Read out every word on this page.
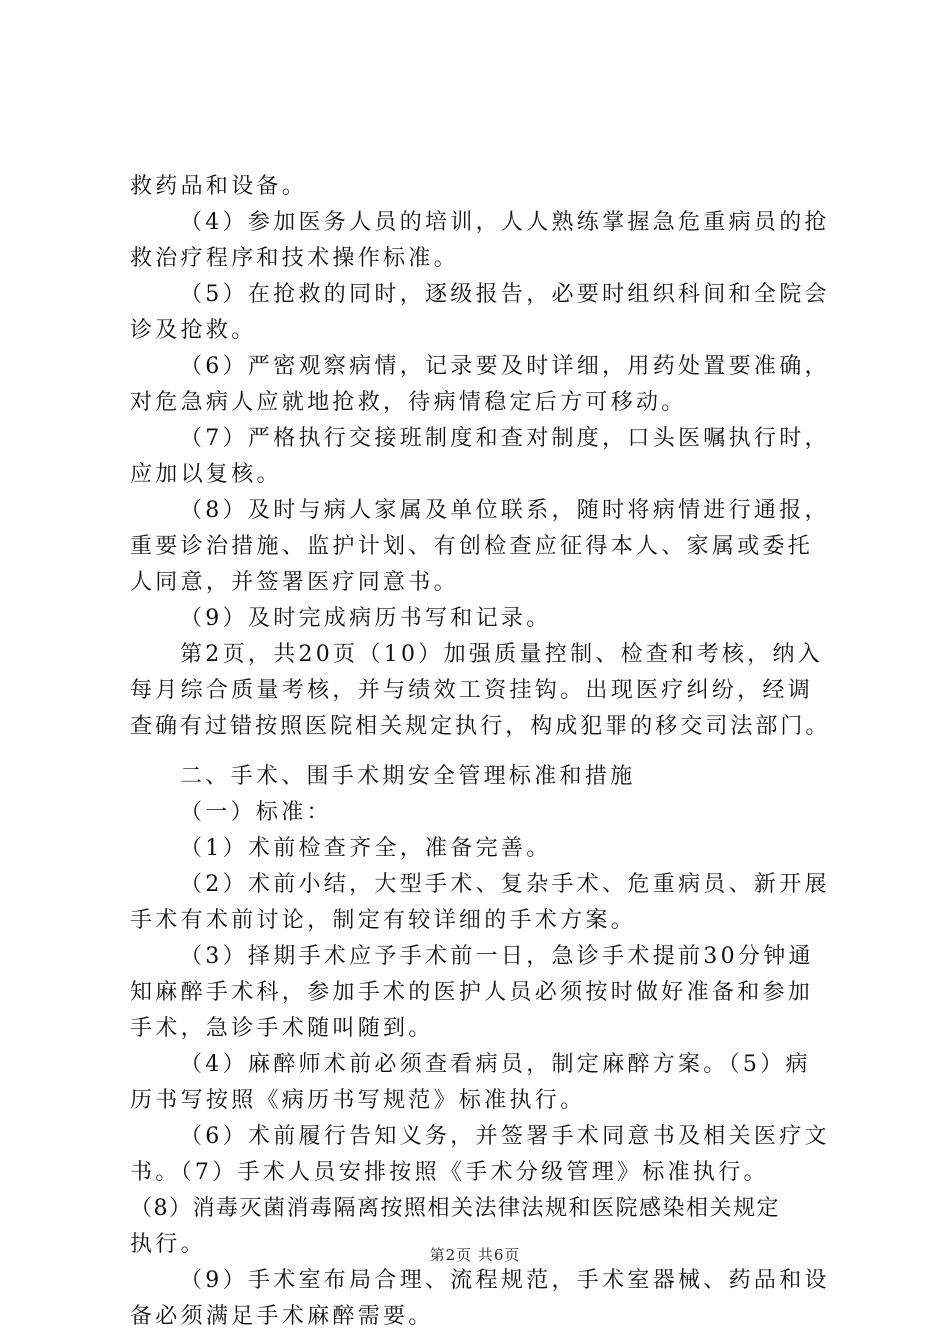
救药品和设备。
（4）参加医务人员的培训，人人熟练掌握急危重病员的抢
救治疗程序和技术操作标准。
（5）在抢救的同时，逐级报告，必要时组织科间和全院会
诊及抢救。
（6）严密观察病情，记录要及时详细，用药处置要准确，
对危急病人应就地抢救，待病情稳定后方可移动。
（7）严格执行交接班制度和查对制度，口头医嘱执行时，
应加以复核。
（8）及时与病人家属及单位联系，随时将病情进行通报，
重要诊治措施、监护计划、有创检查应征得本人、家属或委托
人同意，并签署医疗同意书。
（9）及时完成病历书写和记录。
第2页，共20页（10）加强质量控制、检查和考核，纳入
每月综合质量考核，并与绩效工资挂钩。出现医疗纠纷，经调
查确有过错按照医院相关规定执行，构成犯罪的移交司法部门。
二、手术、围手术期安全管理标准和措施
（一）标准：
（1）术前检查齐全，准备完善。
（2）术前小结，大型手术、复杂手术、危重病员、新开展
手术有术前讨论，制定有较详细的手术方案。
（3）择期手术应予手术前一日，急诊手术提前30分钟通
知麻醉手术科，参加手术的医护人员必须按时做好准备和参加
手术，急诊手术随叫随到。
（4）麻醉师术前必须查看病员，制定麻醉方案。（5）病
历书写按照《病历书写规范》标准执行。
（6）术前履行告知义务，并签署手术同意书及相关医疗文
书。（7）手术人员安排按照《手术分级管理》标准执行。
（8）消毒灭菌消毒隔离按照相关法律法规和医院感染相关规定
执行。
（9）手术室布局合理、流程规范，手术室器械、药品和设
备必须满足手术麻醉需要。
第2页 共6页
